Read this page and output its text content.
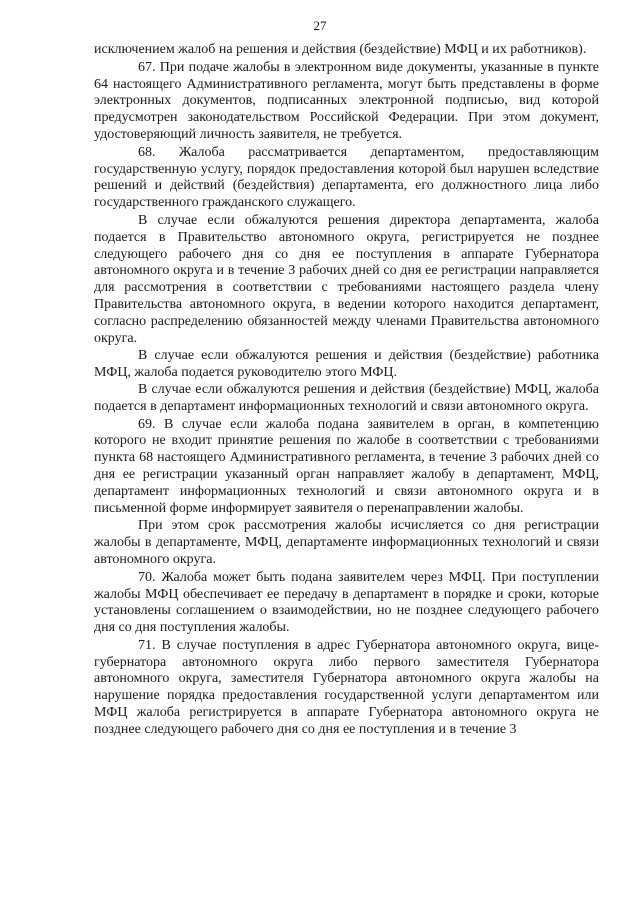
27

исключением жалоб на решения и действия (бездействие) МФЦ и их работников).

67. При подаче жалобы в электронном виде документы, указанные в пункте 64 настоящего Административного регламента, могут быть представлены в форме электронных документов, подписанных электронной подписью, вид которой предусмотрен законодательством Российской Федерации. При этом документ, удостоверяющий личность заявителя, не требуется.

68. Жалоба рассматривается департаментом, предоставляющим государственную услугу, порядок предоставления которой был нарушен вследствие решений и действий (бездействия) департамента, его должностного лица либо государственного гражданского служащего.

В случае если обжалуются решения директора департамента, жалоба подается в Правительство автономного округа, регистрируется не позднее следующего рабочего дня со дня ее поступления в аппарате Губернатора автономного округа и в течение 3 рабочих дней со дня ее регистрации направляется для рассмотрения в соответствии с требованиями настоящего раздела члену Правительства автономного округа, в ведении которого находится департамент, согласно распределению обязанностей между членами Правительства автономного округа.

В случае если обжалуются решения и действия (бездействие) работника МФЦ, жалоба подается руководителю этого МФЦ.

В случае если обжалуются решения и действия (бездействие) МФЦ, жалоба подается в департамент информационных технологий и связи автономного округа.

69. В случае если жалоба подана заявителем в орган, в компетенцию которого не входит принятие решения по жалобе в соответствии с требованиями пункта 68 настоящего Административного регламента, в течение 3 рабочих дней со дня ее регистрации указанный орган направляет жалобу в департамент, МФЦ, департамент информационных технологий и связи автономного округа и в письменной форме информирует заявителя о перенаправлении жалобы.

При этом срок рассмотрения жалобы исчисляется со дня регистрации жалобы в департаменте, МФЦ, департаменте информационных технологий и связи автономного округа.

70. Жалоба может быть подана заявителем через МФЦ. При поступлении жалобы МФЦ обеспечивает ее передачу в департамент в порядке и сроки, которые установлены соглашением о взаимодействии, но не позднее следующего рабочего дня со дня поступления жалобы.

71. В случае поступления в адрес Губернатора автономного округа, вице-губернатора автономного округа либо первого заместителя Губернатора автономного округа, заместителя Губернатора автономного округа жалобы на нарушение порядка предоставления государственной услуги департаментом или МФЦ жалоба регистрируется в аппарате Губернатора автономного округа не позднее следующего рабочего дня со дня ее поступления и в течение 3
